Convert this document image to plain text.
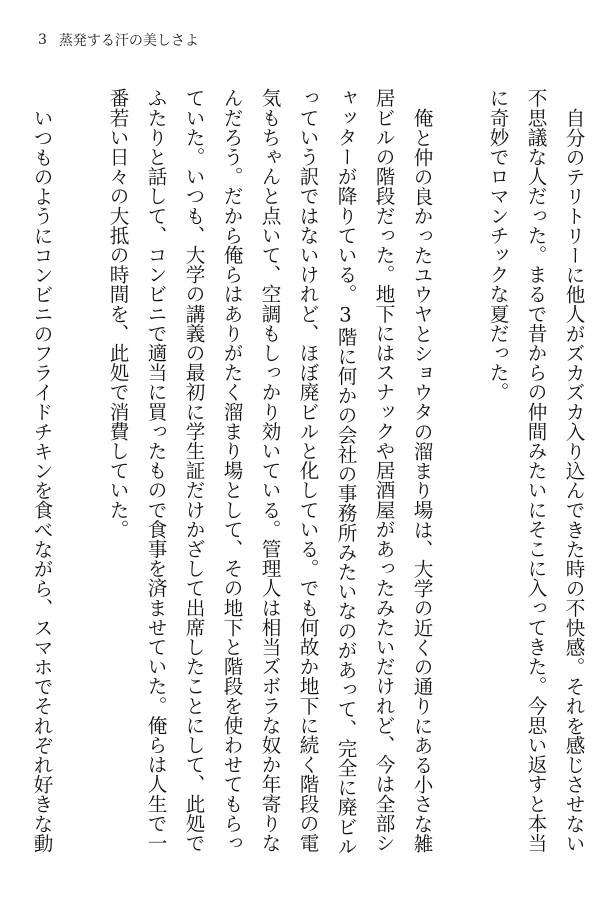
3 蒸発する汗の美しさよ

自分のテリトリーに他人がズカズカ入り込んできた時の不快感。それを感じさせない不思議な人だった。まるで昔からの仲間みたいにそこに入ってきた。今思い返すと本当に奇妙でロマンチックな夏だった。

俺と仲の良かったユウヤとショウタの溜まり場は、大学の近くの通りにある小さな雑居ビルの階段だった。地下にはスナックや居酒屋があったみたいだけれど、今は全部シャッターが降りている。3階に何かの会社の事務所みたいなのがあって、完全に廃ビルっていう訳ではないけれど、ほぼ廃ビルと化している。でも何故か地下に続く階段の電気もちゃんと点いて、空調もしっかり効いている。管理人は相当ズボラな奴か年寄りなんだろう。だから俺らはありがたく溜まり場として、その地下と階段を使わせてもらっていた。いつも、大学の講義の最初に学生証だけかざして出席したことにして、此処でふたりと話して、コンビニで適当に買ったもので食事を済ませていた。俺らは人生で一番若い日々の大抵の時間を、此処で消費していた。

いつものようにコンビニのフライドチキンを食べながら、スマホでそれぞれ好きな動
